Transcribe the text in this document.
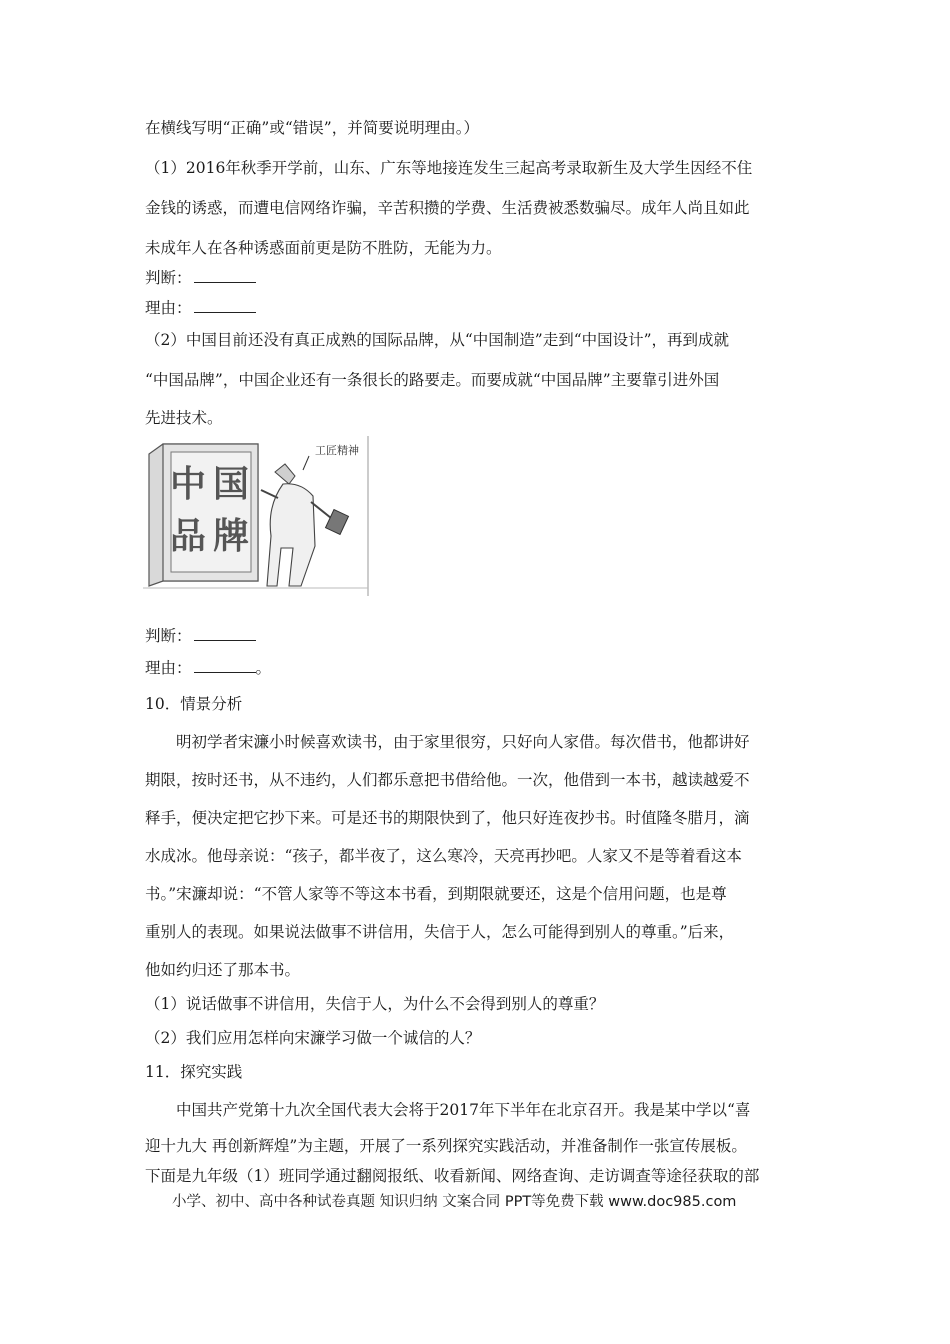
在横线写明“正确”或“错误”，并简要说明理由。）
（1）2016年秋季开学前，山东、广东等地接连发生三起高考录取新生及大学生因经不住
金钱的诱惑，而遭电信网络诈骗，辛苦积攒的学费、生活费被悉数骗尽。成年人尚且如此
未成年人在各种诱惑面前更是防不胜防，无能为力。
判断：
理由：
（2）中国目前还没有真正成熟的国际品牌，从“中国制造”走到“中国设计”，再到成就
“中国品牌”，中国企业还有一条很长的路要走。而要成就“中国品牌”主要靠引进外国
先进技术。
中 国
品 牌
工匠精神
判断：
理由：	。
10．情景分析
明初学者宋濂小时候喜欢读书，由于家里很穷，只好向人家借。每次借书，他都讲好
期限，按时还书，从不违约，人们都乐意把书借给他。一次，他借到一本书，越读越爱不
释手，便决定把它抄下来。可是还书的期限快到了，他只好连夜抄书。时值隆冬腊月，滴
水成冰。他母亲说：“孩子，都半夜了，这么寒冷，天亮再抄吧。人家又不是等着看这本
书。”宋濂却说：“不管人家等不等这本书看，到期限就要还，这是个信用问题，也是尊
重别人的表现。如果说法做事不讲信用，失信于人，怎么可能得到别人的尊重。”后来，
他如约归还了那本书。
（1）说话做事不讲信用，失信于人，为什么不会得到别人的尊重？
（2）我们应用怎样向宋濂学习做一个诚信的人？
11．探究实践
中国共产党第十九次全国代表大会将于2017年下半年在北京召开。我是某中学以“喜
迎十九大 再创新辉煌”为主题，开展了一系列探究实践活动，并准备制作一张宣传展板。
下面是九年级（1）班同学通过翻阅报纸、收看新闻、网络查询、走访调查等途径获取的部
小学、初中、高中各种试卷真题 知识归纳 文案合同 PPT等免费下载 www.doc985.com
